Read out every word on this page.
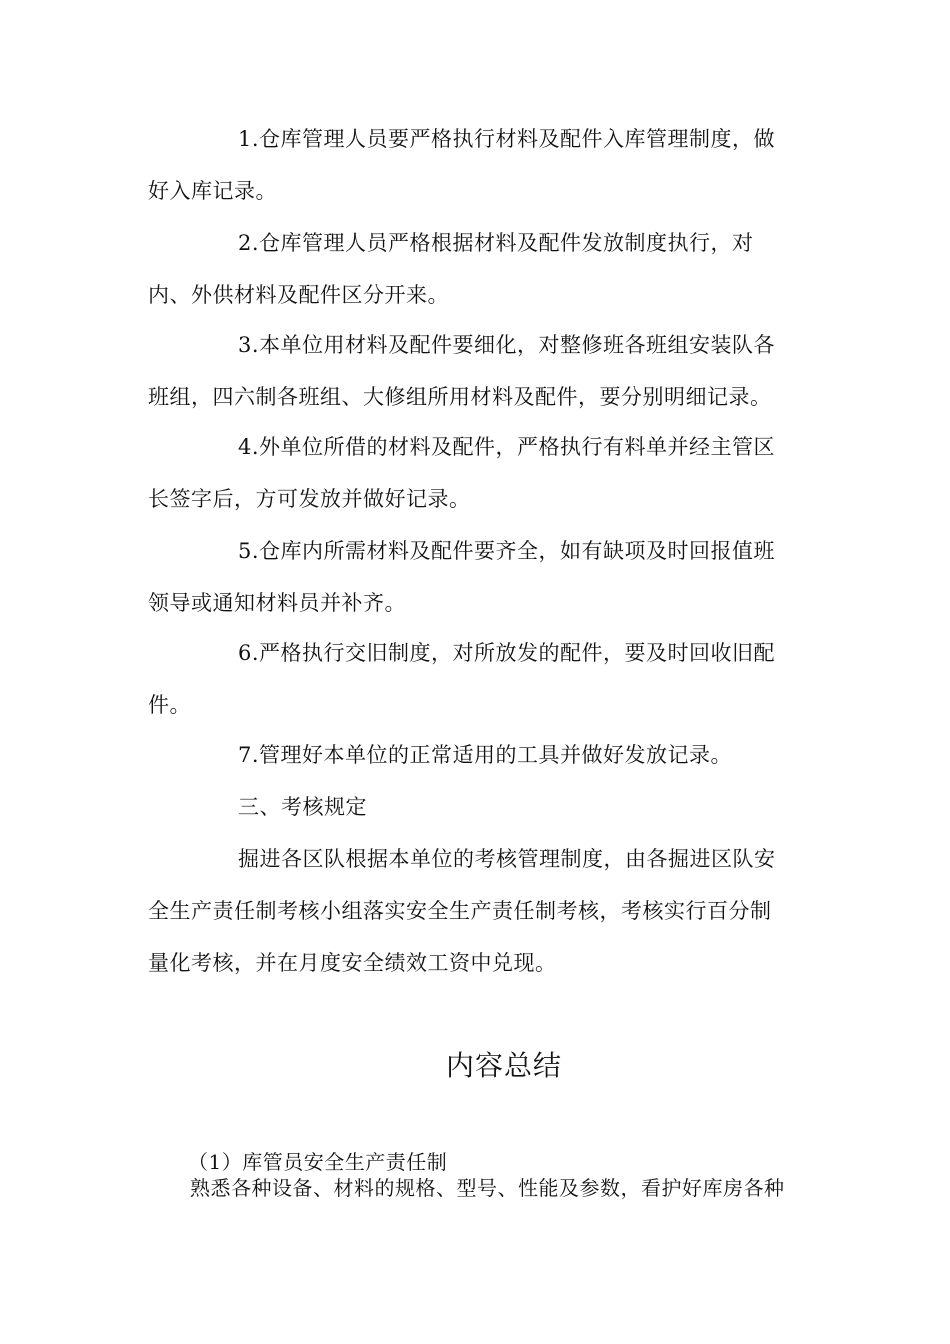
1.仓库管理人员要严格执行材料及配件入库管理制度，做
好入库记录。
2.仓库管理人员严格根据材料及配件发放制度执行，对
内、外供材料及配件区分开来。
3.本单位用材料及配件要细化，对整修班各班组安装队各
班组，四六制各班组、大修组所用材料及配件，要分别明细记录。
4.外单位所借的材料及配件，严格执行有料单并经主管区
长签字后，方可发放并做好记录。
5.仓库内所需材料及配件要齐全，如有缺项及时回报值班
领导或通知材料员并补齐。
6.严格执行交旧制度，对所放发的配件，要及时回收旧配
件。
7.管理好本单位的正常适用的工具并做好发放记录。
三、考核规定
掘进各区队根据本单位的考核管理制度，由各掘进区队安
全生产责任制考核小组落实安全生产责任制考核，考核实行百分制
量化考核，并在月度安全绩效工资中兑现。
内容总结
（1）库管员安全生产责任制
熟悉各种设备、材料的规格、型号、性能及参数，看护好库房各种
